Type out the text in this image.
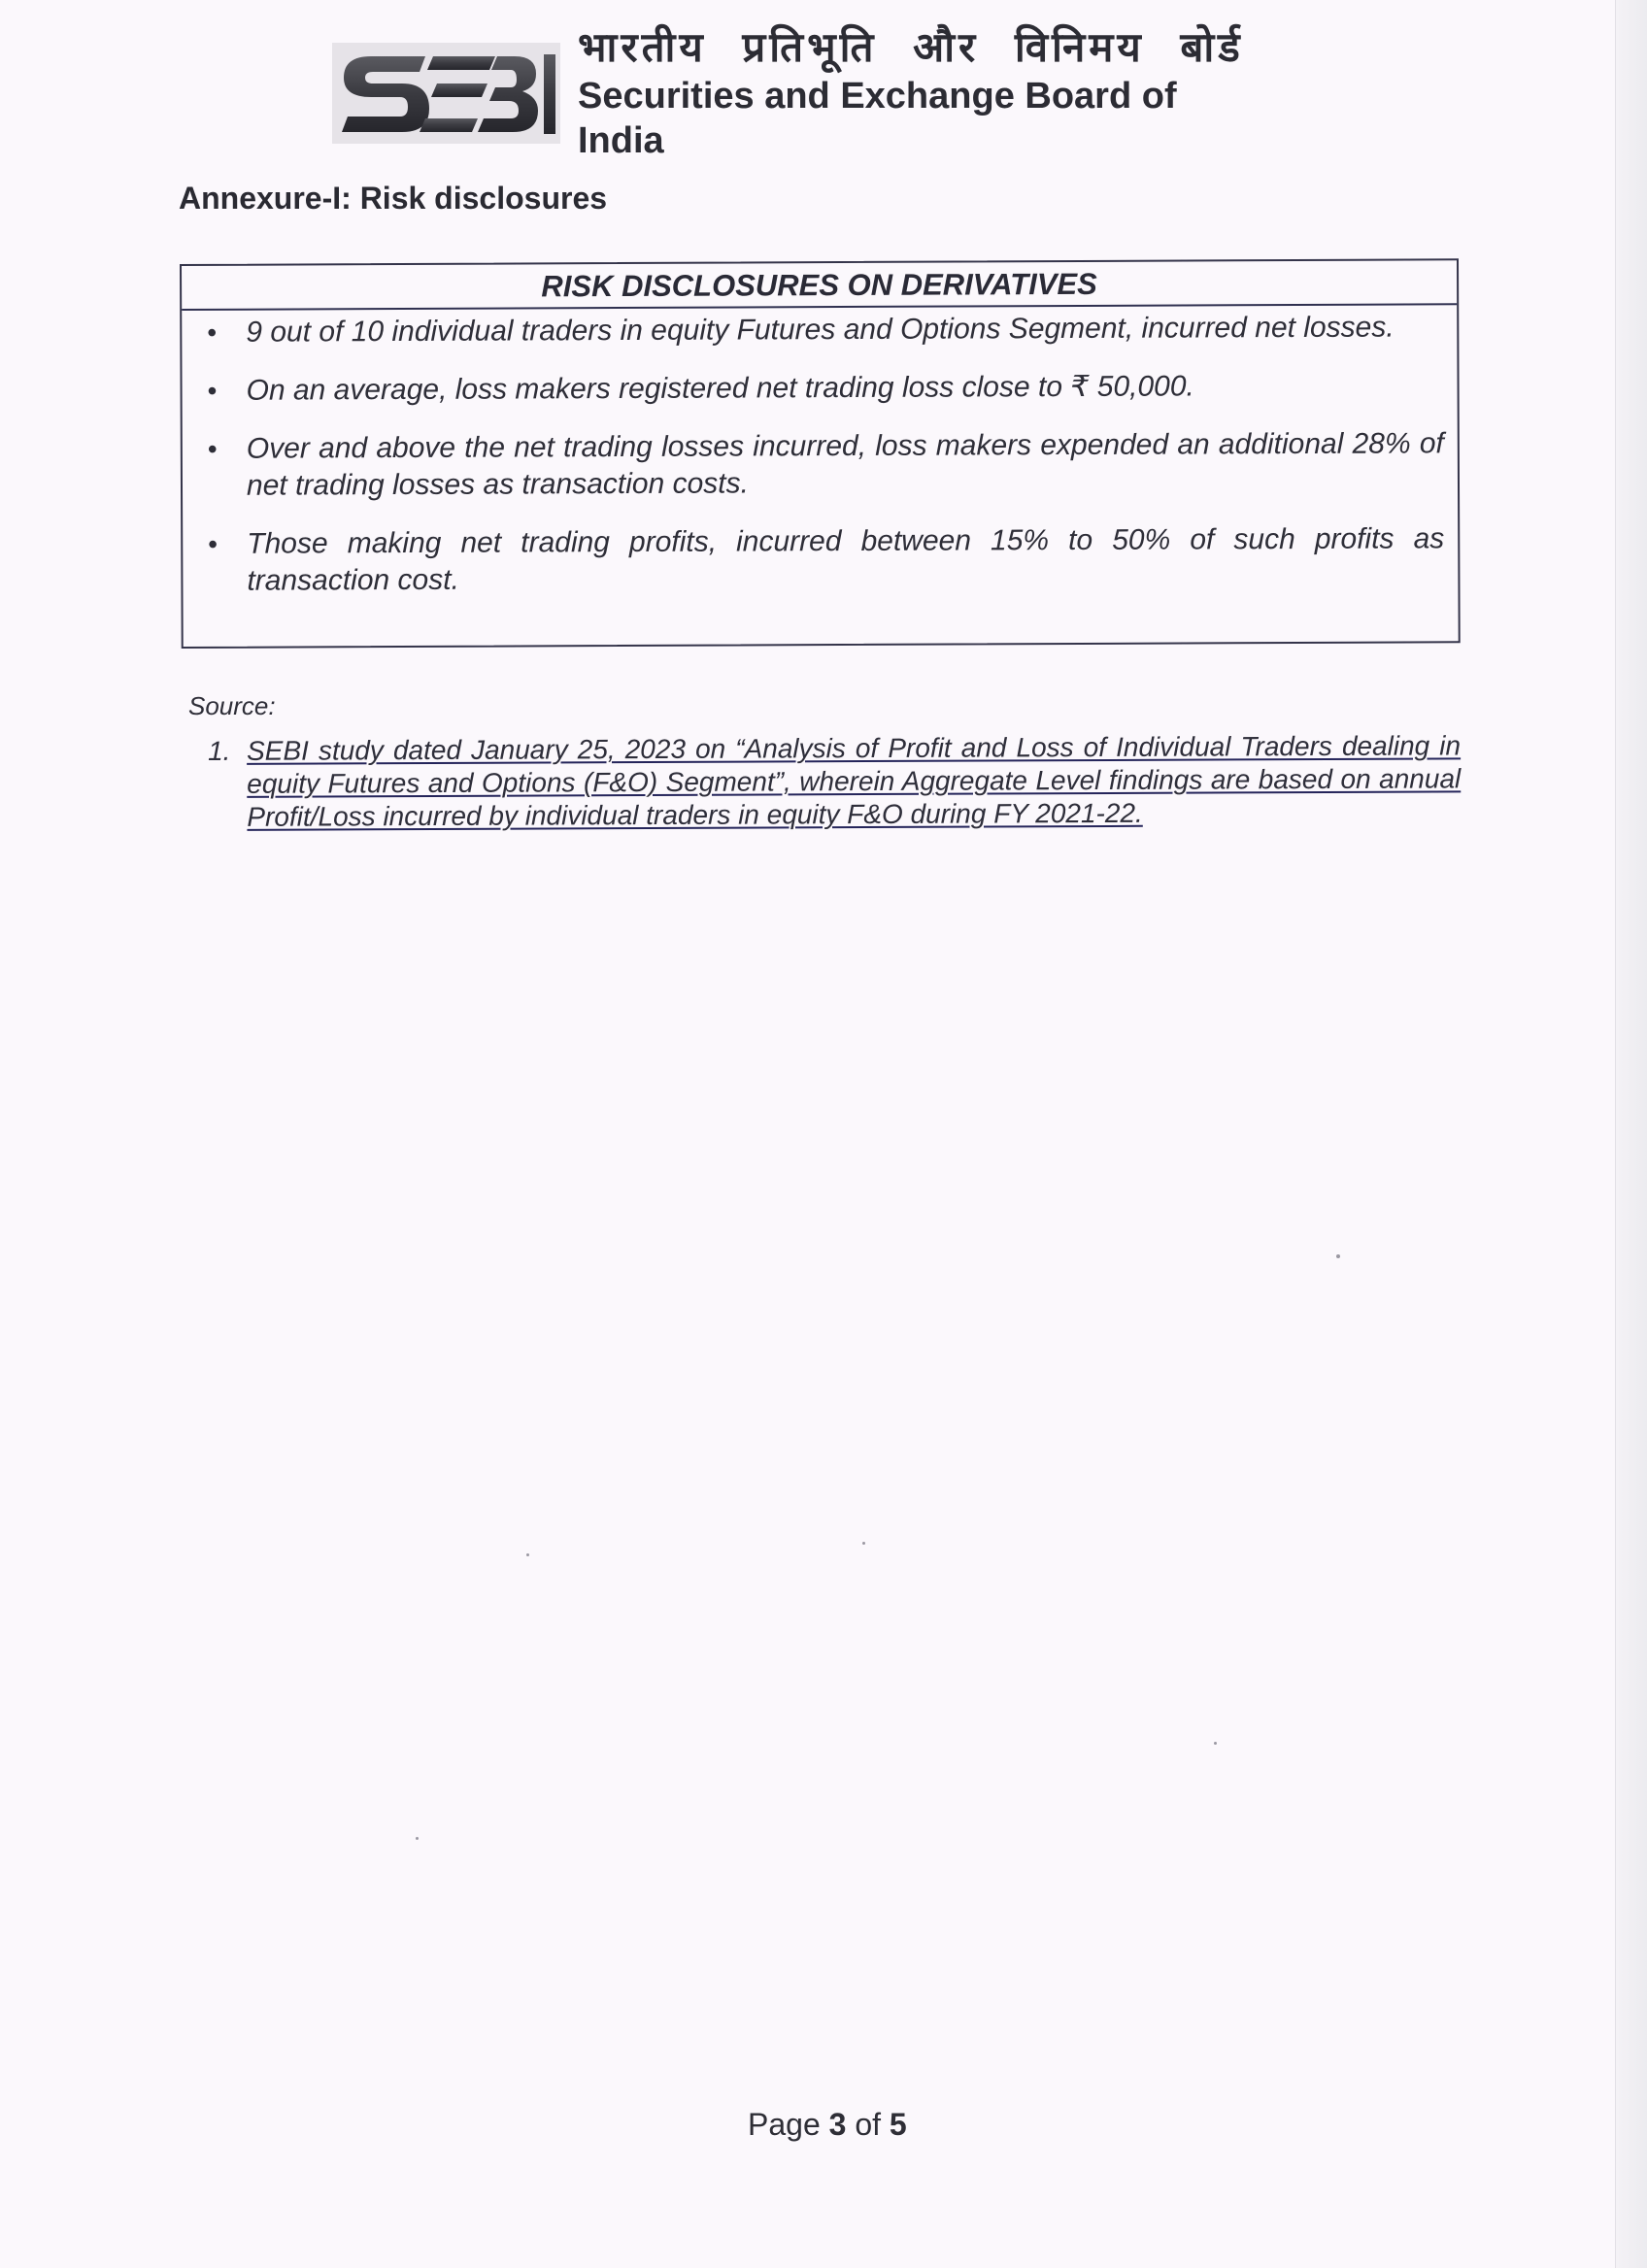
भारतीय प्रतिभूति और विनिमय बोर्ड
Securities and Exchange Board of India
Annexure-I: Risk disclosures
RISK DISCLOSURES ON DERIVATIVES
• 9 out of 10 individual traders in equity Futures and Options Segment, incurred net losses.
• On an average, loss makers registered net trading loss close to ₹ 50,000.
• Over and above the net trading losses incurred, loss makers expended an additional 28% of net trading losses as transaction costs.
• Those making net trading profits, incurred between 15% to 50% of such profits as transaction cost.
Source:
1. SEBI study dated January 25, 2023 on “Analysis of Profit and Loss of Individual Traders dealing in equity Futures and Options (F&O) Segment”, wherein Aggregate Level findings are based on annual Profit/Loss incurred by individual traders in equity F&O during FY 2021-22.
Page 3 of 5
